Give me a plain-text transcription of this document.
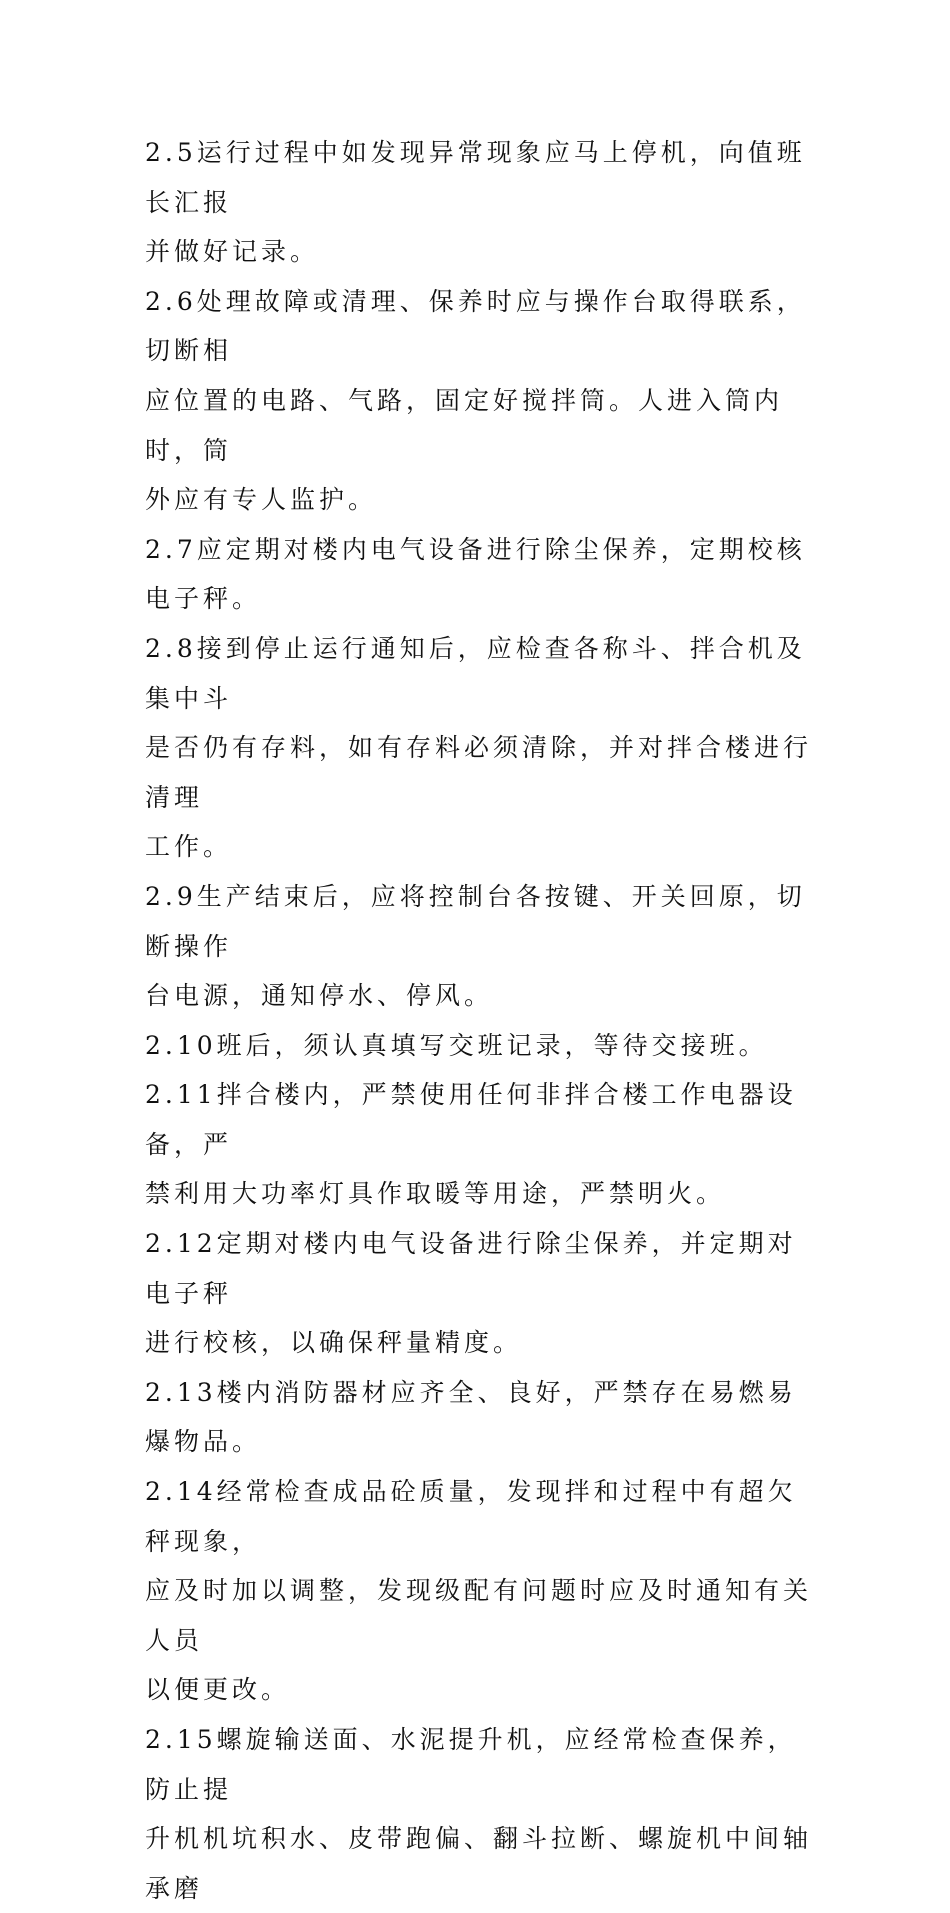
2.5运行过程中如发现异常现象应马上停机，向值班长汇报
并做好记录。

2.6处理故障或清理、保养时应与操作台取得联系，切断相
应位置的电路、气路，固定好搅拌筒。人进入筒内时，筒
外应有专人监护。

2.7应定期对楼内电气设备进行除尘保养，定期校核电子秤。

2.8接到停止运行通知后，应检查各称斗、拌合机及集中斗
是否仍有存料，如有存料必须清除，并对拌合楼进行清理
工作。

2.9生产结束后，应将控制台各按键、开关回原，切断操作
台电源，通知停水、停风。

2.10班后，须认真填写交班记录，等待交接班。

2.11拌合楼内，严禁使用任何非拌合楼工作电器设备，严
禁利用大功率灯具作取暖等用途，严禁明火。

2.12定期对楼内电气设备进行除尘保养，并定期对电子秤
进行校核，以确保秤量精度。

2.13楼内消防器材应齐全、良好，严禁存在易燃易爆物品。

2.14经常检查成品砼质量，发现拌和过程中有超欠秤现象，
应及时加以调整，发现级配有问题时应及时通知有关人员
以便更改。

2.15螺旋输送面、水泥提升机，应经常检查保养，防止提
升机机坑积水、皮带跑偏、翻斗拉断、螺旋机中间轴承磨
